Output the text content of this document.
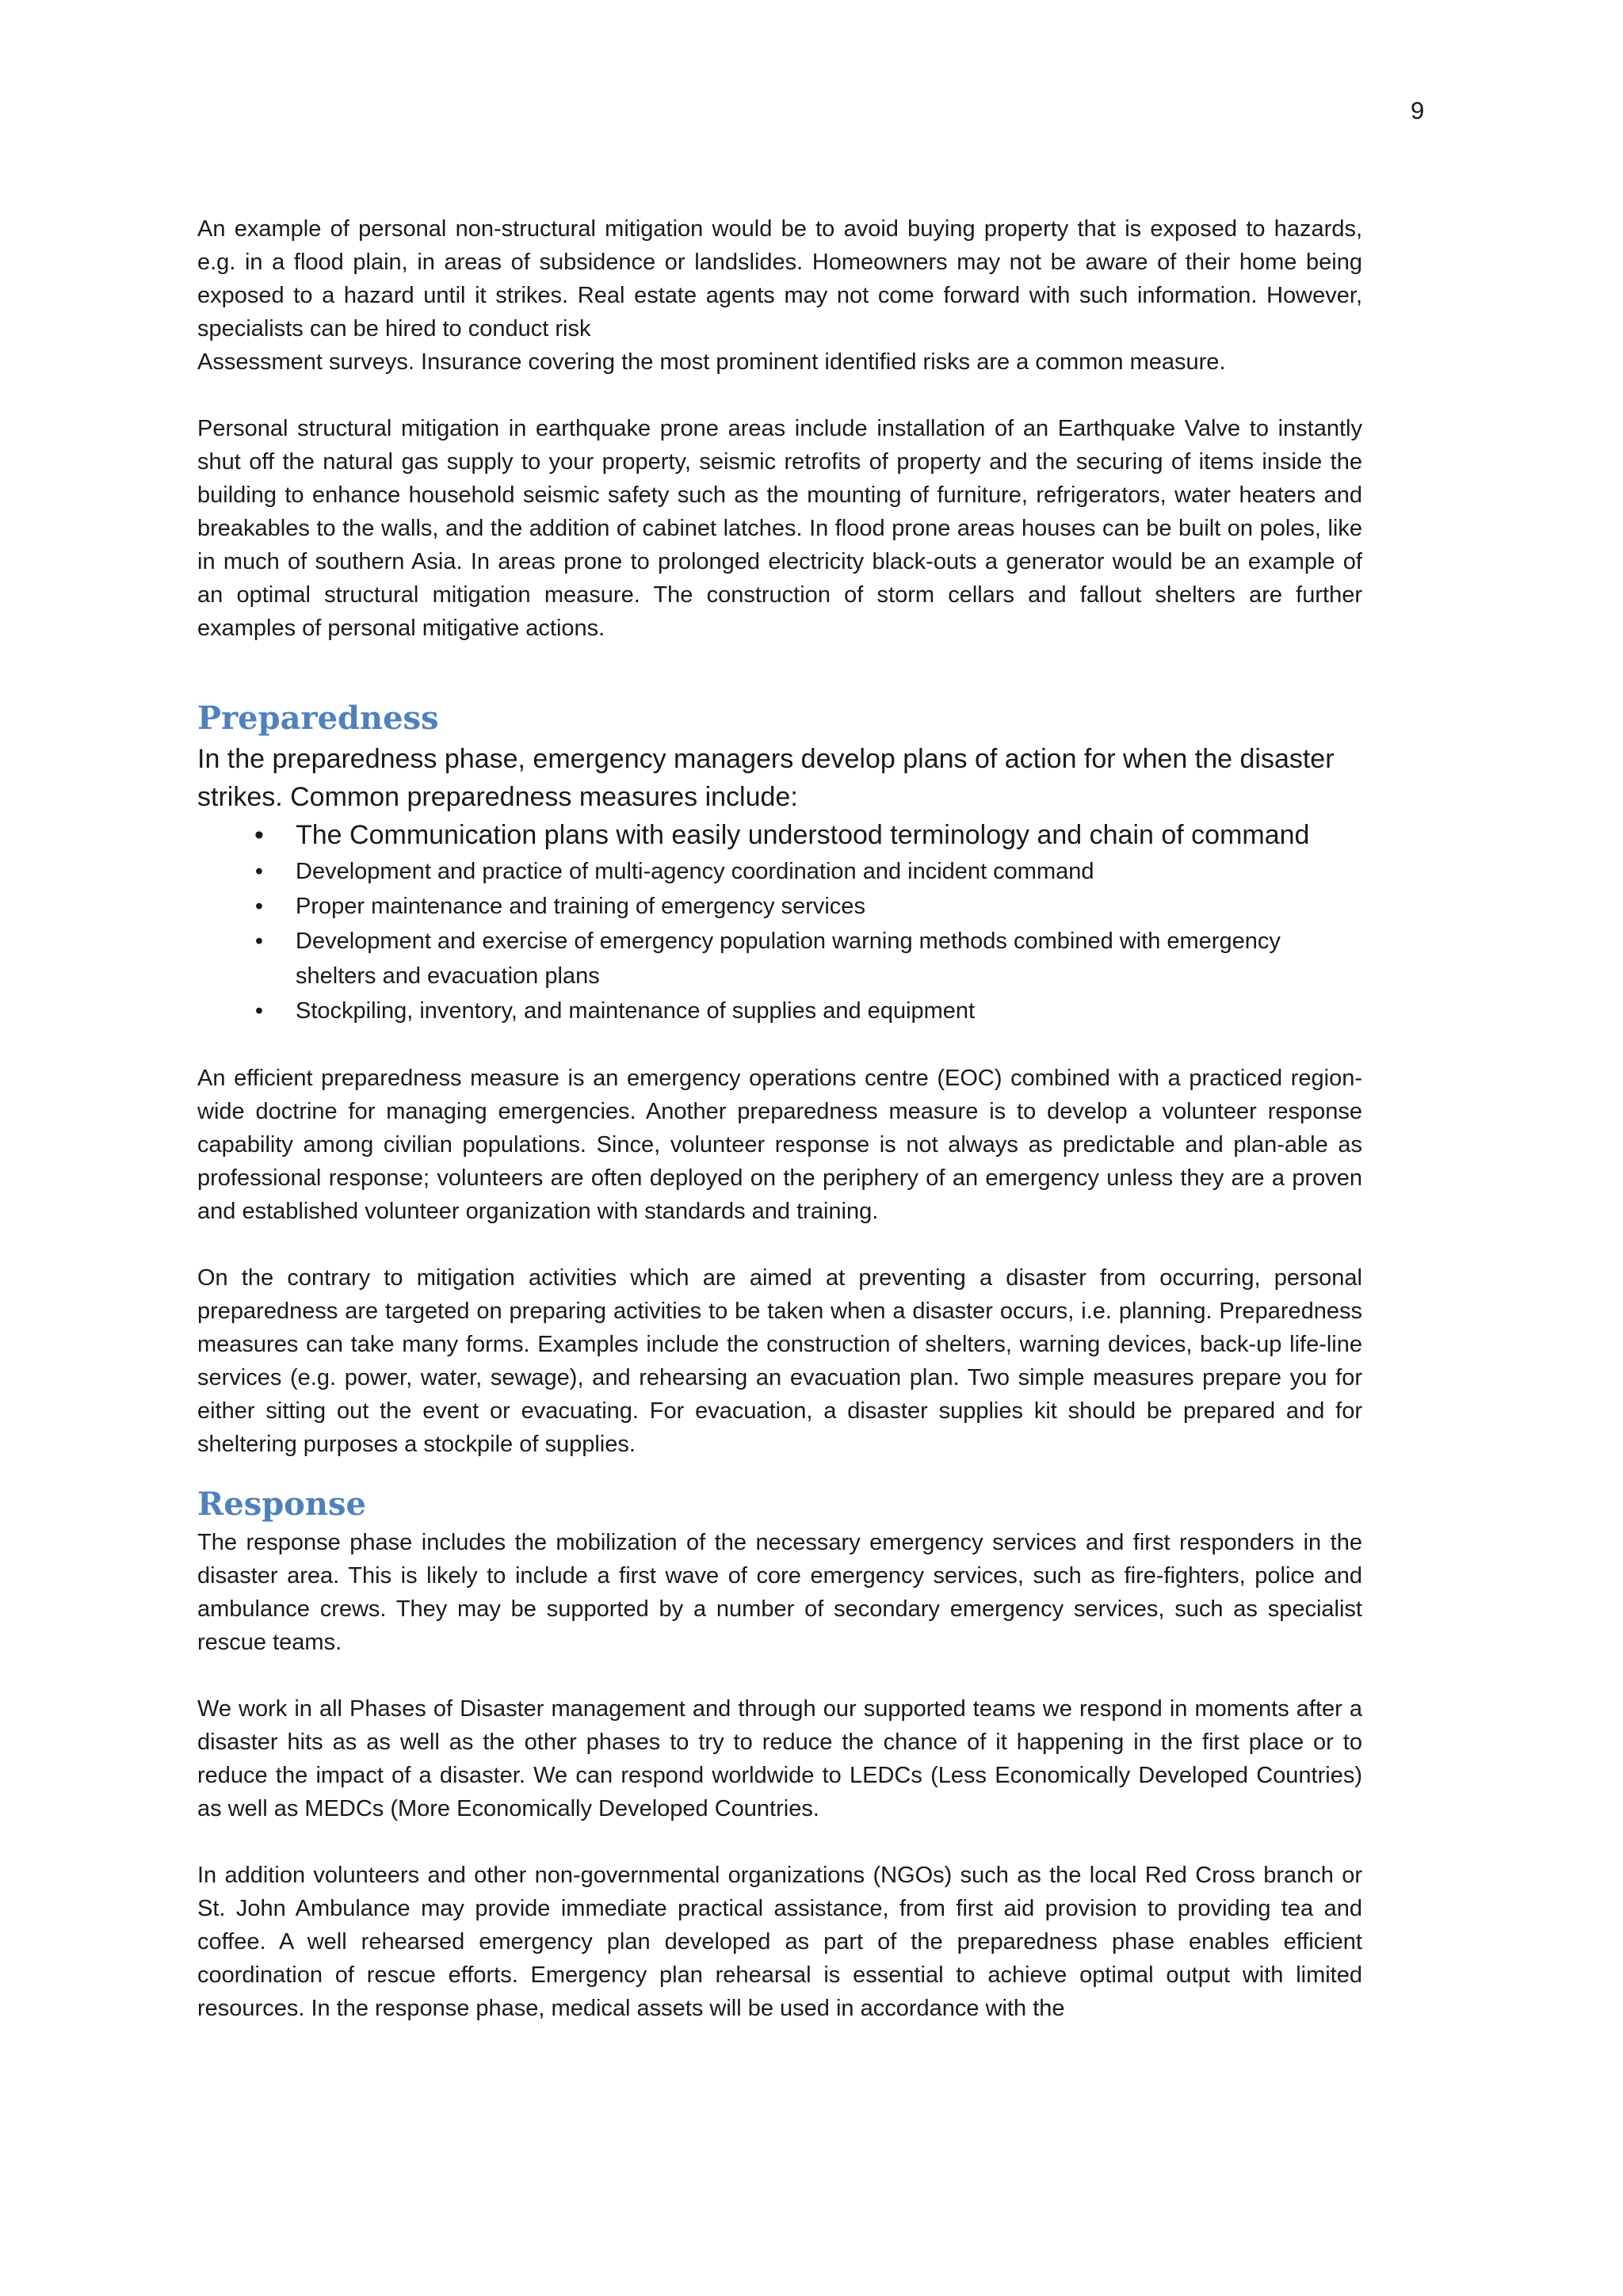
9

An example of personal non-structural mitigation would be to avoid buying property that is exposed to hazards, e.g. in a flood plain, in areas of subsidence or landslides. Homeowners may not be aware of their home being exposed to a hazard until it strikes. Real estate agents may not come forward with such information. However, specialists can be hired to conduct risk
Assessment surveys. Insurance covering the most prominent identified risks are a common measure.

Personal structural mitigation in earthquake prone areas include installation of an Earthquake Valve to instantly shut off the natural gas supply to your property, seismic retrofits of property and the securing of items inside the building to enhance household seismic safety such as the mounting of furniture, refrigerators, water heaters and breakables to the walls, and the addition of cabinet latches. In flood prone areas houses can be built on poles, like in much of southern Asia. In areas prone to prolonged electricity black-outs a generator would be an example of an optimal structural mitigation measure. The construction of storm cellars and fallout shelters are further examples of personal mitigative actions.

Preparedness

In the preparedness phase, emergency managers develop plans of action for when the disaster strikes. Common preparedness measures include:

• The Communication plans with easily understood terminology and chain of command
• Development and practice of multi-agency coordination and incident command
• Proper maintenance and training of emergency services
• Development and exercise of emergency population warning methods combined with emergency shelters and evacuation plans
• Stockpiling, inventory, and maintenance of supplies and equipment

An efficient preparedness measure is an emergency operations centre (EOC) combined with a practiced region-wide doctrine for managing emergencies. Another preparedness measure is to develop a volunteer response capability among civilian populations. Since, volunteer response is not always as predictable and plan-able as professional response; volunteers are often deployed on the periphery of an emergency unless they are a proven and established volunteer organization with standards and training.

On the contrary to mitigation activities which are aimed at preventing a disaster from occurring, personal preparedness are targeted on preparing activities to be taken when a disaster occurs, i.e. planning. Preparedness measures can take many forms. Examples include the construction of shelters, warning devices, back-up life-line services (e.g. power, water, sewage), and rehearsing an evacuation plan. Two simple measures prepare you for either sitting out the event or evacuating. For evacuation, a disaster supplies kit should be prepared and for sheltering purposes a stockpile of supplies.

Response

The response phase includes the mobilization of the necessary emergency services and first responders in the disaster area. This is likely to include a first wave of core emergency services, such as fire-fighters, police and ambulance crews. They may be supported by a number of secondary emergency services, such as specialist rescue teams.

We work in all Phases of Disaster management and through our supported teams we respond in moments after a disaster hits as as well as the other phases to try to reduce the chance of it happening in the first place or to reduce the impact of a disaster. We can respond worldwide to LEDCs (Less Economically Developed Countries) as well as MEDCs (More Economically Developed Countries.

In addition volunteers and other non-governmental organizations (NGOs) such as the local Red Cross branch or St. John Ambulance may provide immediate practical assistance, from first aid provision to providing tea and coffee. A well rehearsed emergency plan developed as part of the preparedness phase enables efficient coordination of rescue efforts. Emergency plan rehearsal is essential to achieve optimal output with limited resources. In the response phase, medical assets will be used in accordance with the
